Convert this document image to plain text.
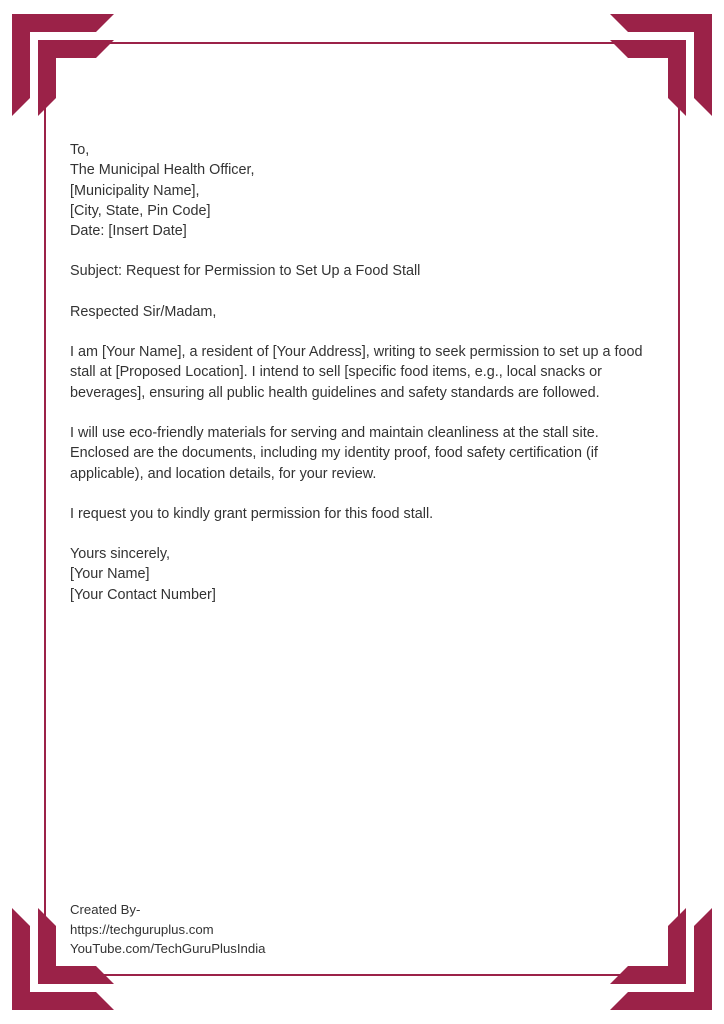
To,
The Municipal Health Officer,
[Municipality Name],
[City, State, Pin Code]
Date: [Insert Date]
Subject: Request for Permission to Set Up a Food Stall
Respected Sir/Madam,

I am [Your Name], a resident of [Your Address], writing to seek permission to set up a food stall at [Proposed Location]. I intend to sell [specific food items, e.g., local snacks or beverages], ensuring all public health guidelines and safety standards are followed.

I will use eco-friendly materials for serving and maintain cleanliness at the stall site. Enclosed are the documents, including my identity proof, food safety certification (if applicable), and location details, for your review.

I request you to kindly grant permission for this food stall.

Yours sincerely,
[Your Name]
[Your Contact Number]
Created By-
https://techguruplus.com
YouTube.com/TechGuruPlusIndia
